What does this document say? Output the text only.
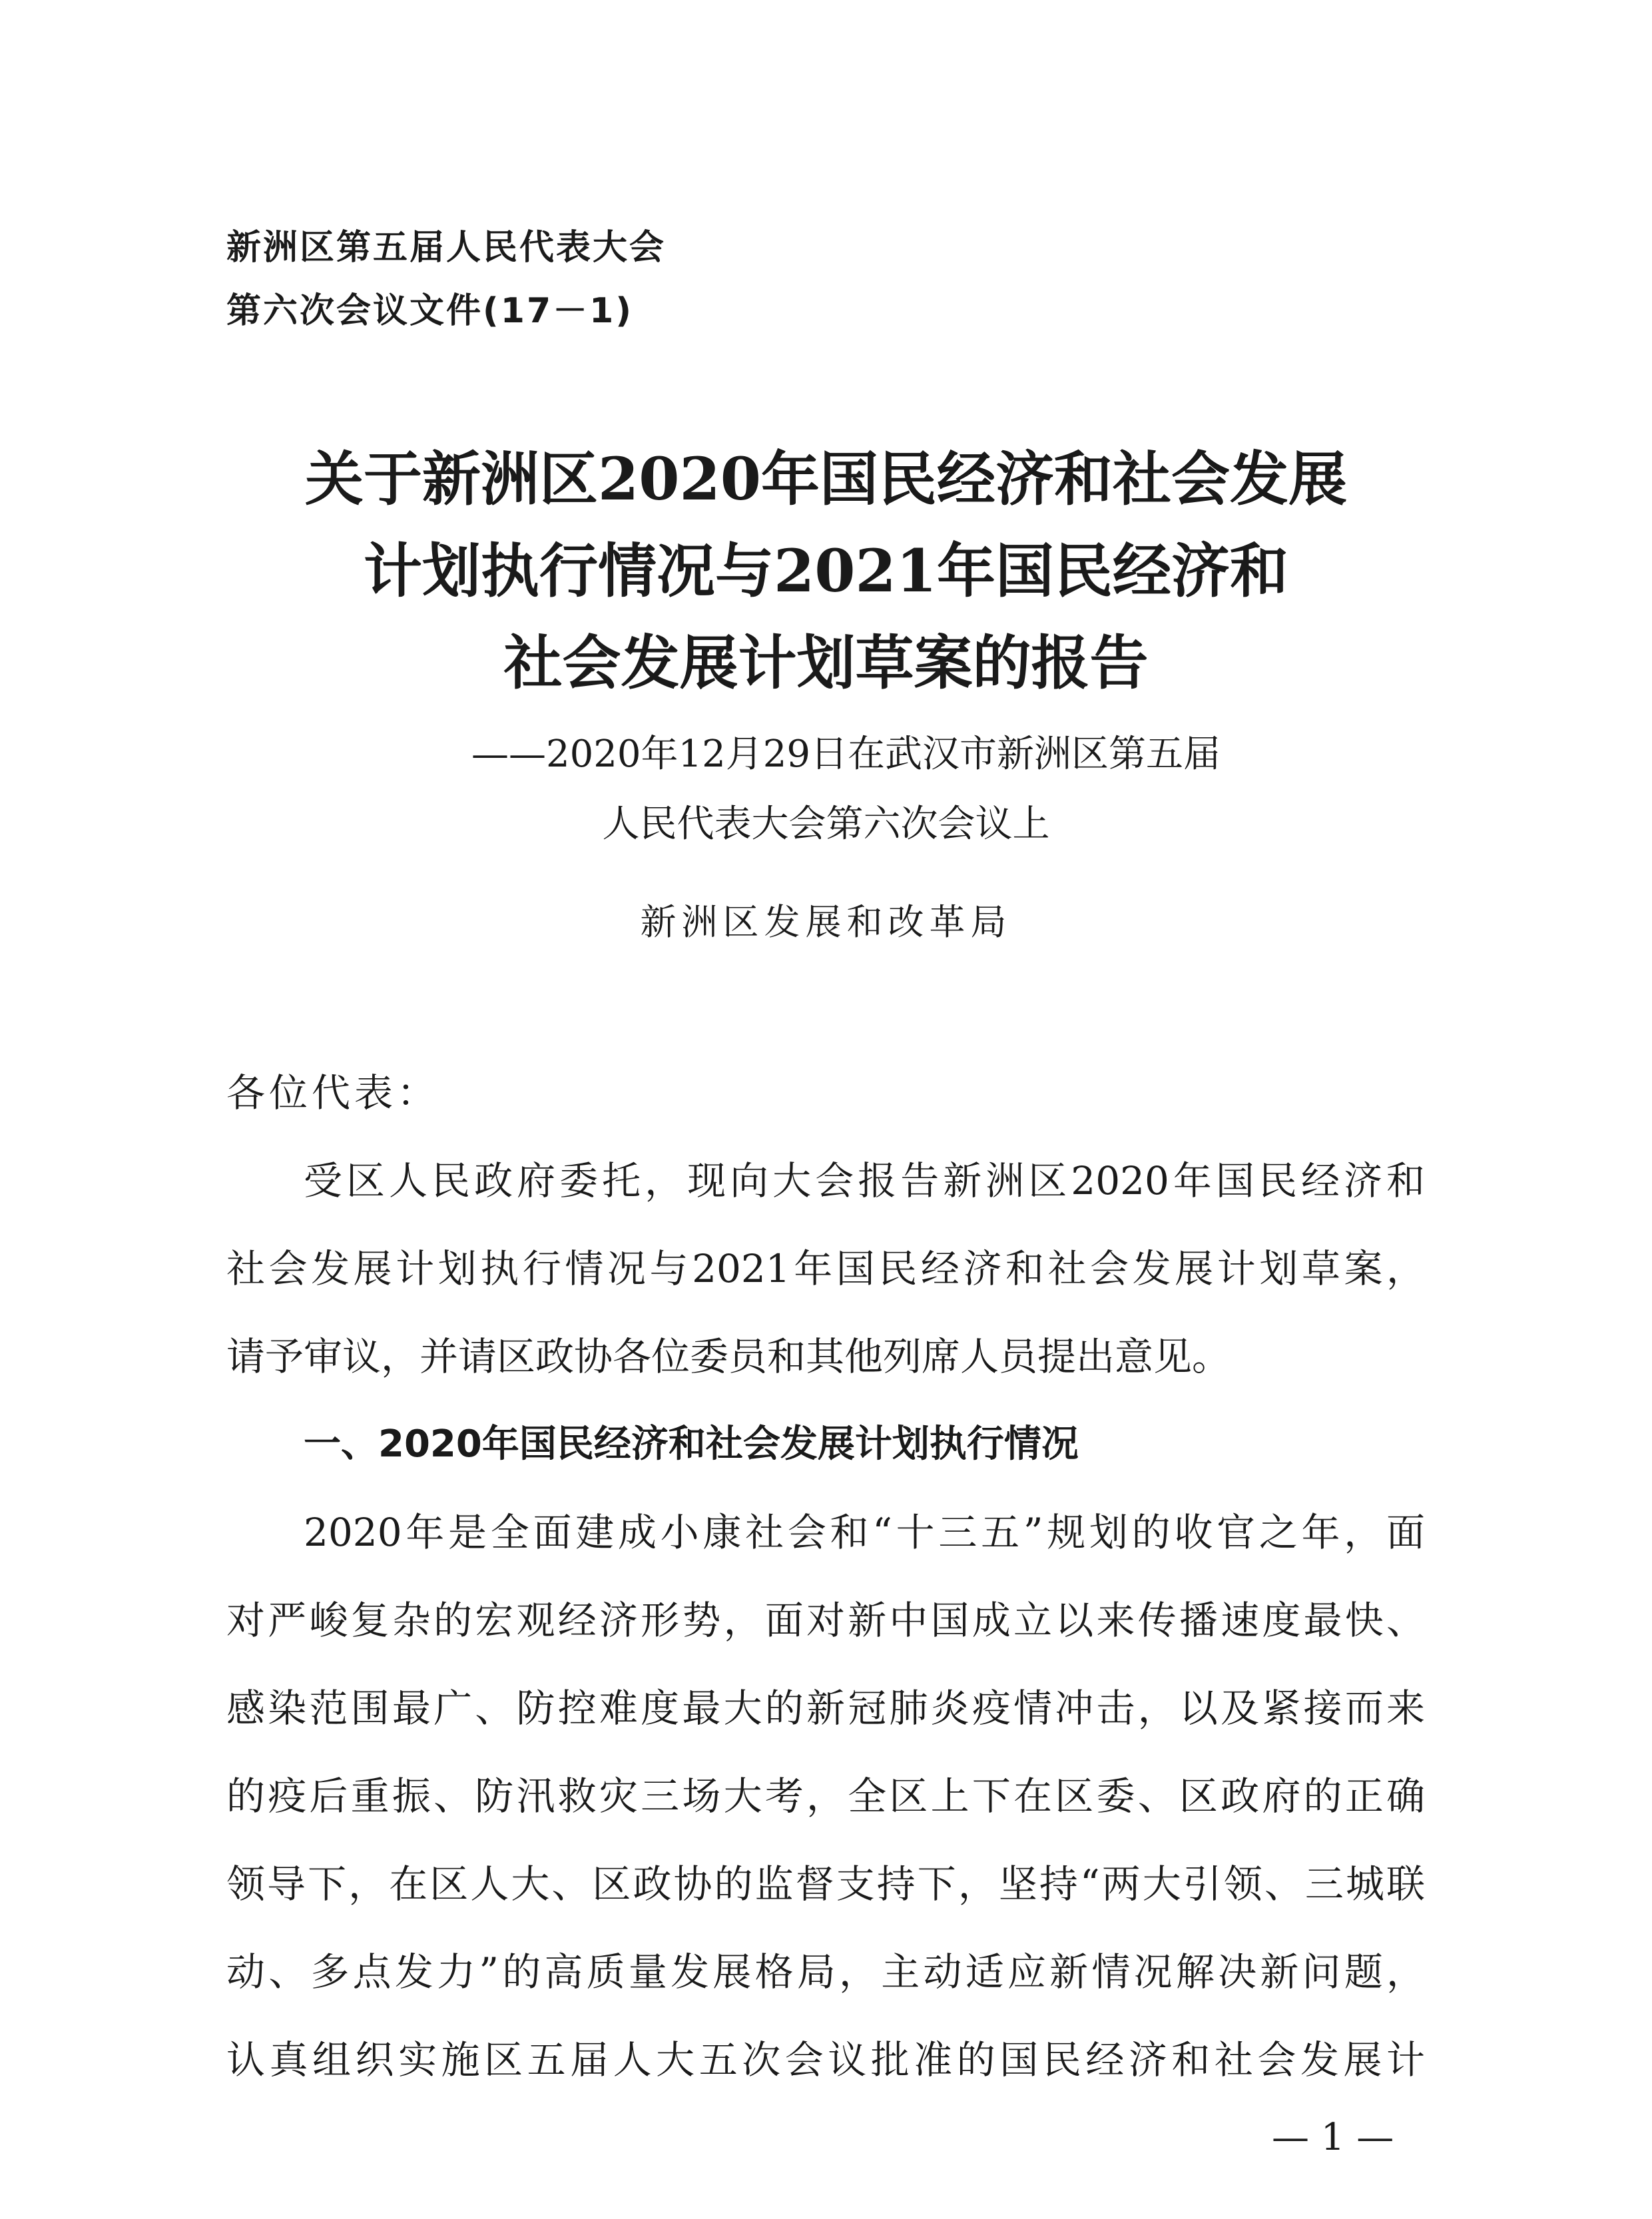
新洲区第五届人民代表大会
第六次会议文件(17－1)
关于新洲区2020年国民经济和社会发展
计划执行情况与2021年国民经济和
社会发展计划草案的报告
——2020年12月29日在武汉市新洲区第五届
人民代表大会第六次会议上
新洲区发展和改革局
各位代表：
受区人民政府委托，现向大会报告新洲区2020年国民经济和
社会发展计划执行情况与2021年国民经济和社会发展计划草案，
请予审议，并请区政协各位委员和其他列席人员提出意见。
一、2020年国民经济和社会发展计划执行情况
2020年是全面建成小康社会和“十三五”规划的收官之年，面
对严峻复杂的宏观经济形势，面对新中国成立以来传播速度最快、
感染范围最广、防控难度最大的新冠肺炎疫情冲击，以及紧接而来
的疫后重振、防汛救灾三场大考，全区上下在区委、区政府的正确
领导下，在区人大、区政协的监督支持下，坚持“两大引领、三城联
动、多点发力”的高质量发展格局，主动适应新情况解决新问题，
认真组织实施区五届人大五次会议批准的国民经济和社会发展计
— 1 —
